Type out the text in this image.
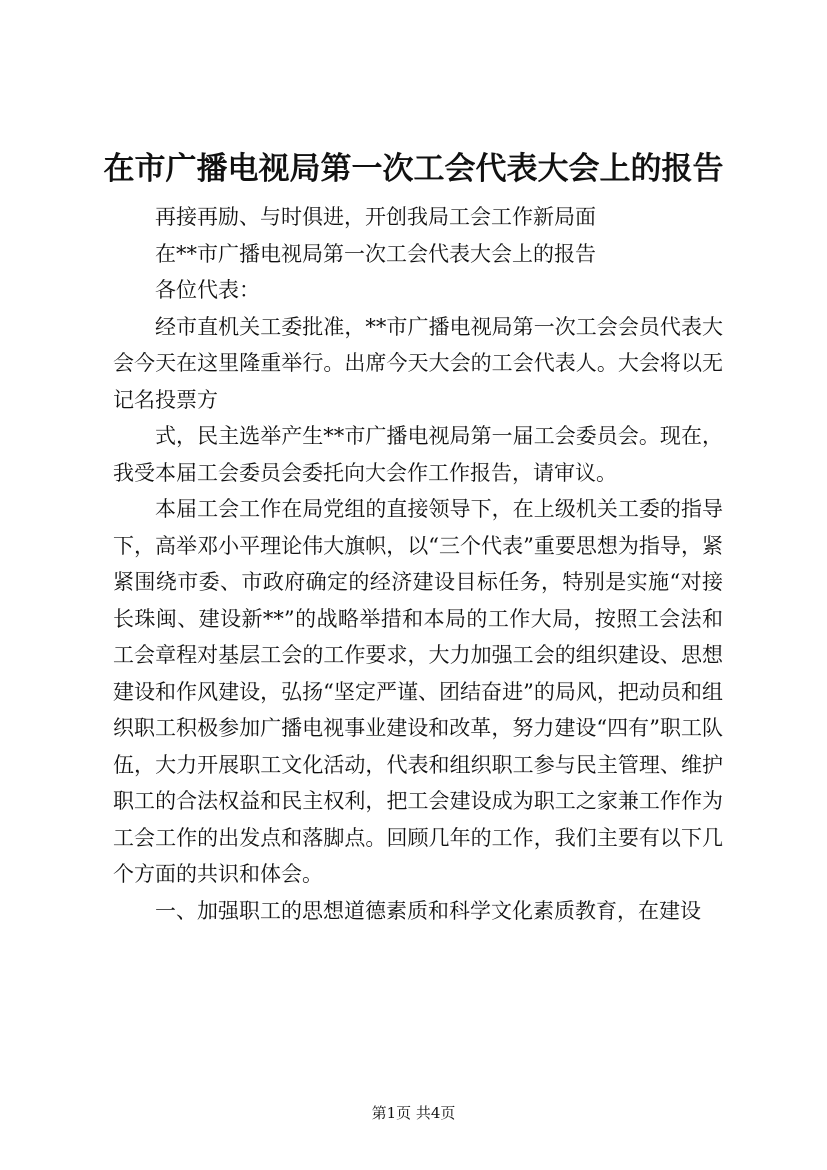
在市广播电视局第一次工会代表大会上的报告

再接再励、与时俱进，开创我局工会工作新局面

在**市广播电视局第一次工会代表大会上的报告

各位代表：

经市直机关工委批准，**市广播电视局第一次工会会员代表大会今天在这里隆重举行。出席今天大会的工会代表人。大会将以无记名投票方

式，民主选举产生**市广播电视局第一届工会委员会。现在，我受本届工会委员会委托向大会作工作报告，请审议。

本届工会工作在局党组的直接领导下，在上级机关工委的指导下，高举邓小平理论伟大旗帜，以“三个代表”重要思想为指导，紧紧围绕市委、市政府确定的经济建设目标任务，特别是实施“对接长珠闽、建设新**”的战略举措和本局的工作大局，按照工会法和工会章程对基层工会的工作要求，大力加强工会的组织建设、思想建设和作风建设，弘扬“坚定严谨、团结奋进”的局风，把动员和组织职工积极参加广播电视事业建设和改革，努力建设“四有”职工队伍，大力开展职工文化活动，代表和组织职工参与民主管理、维护职工的合法权益和民主权利，把工会建设成为职工之家兼工作作为工会工作的出发点和落脚点。回顾几年的工作，我们主要有以下几个方面的共识和体会。

一、加强职工的思想道德素质和科学文化素质教育，在建设

第1页 共4页
